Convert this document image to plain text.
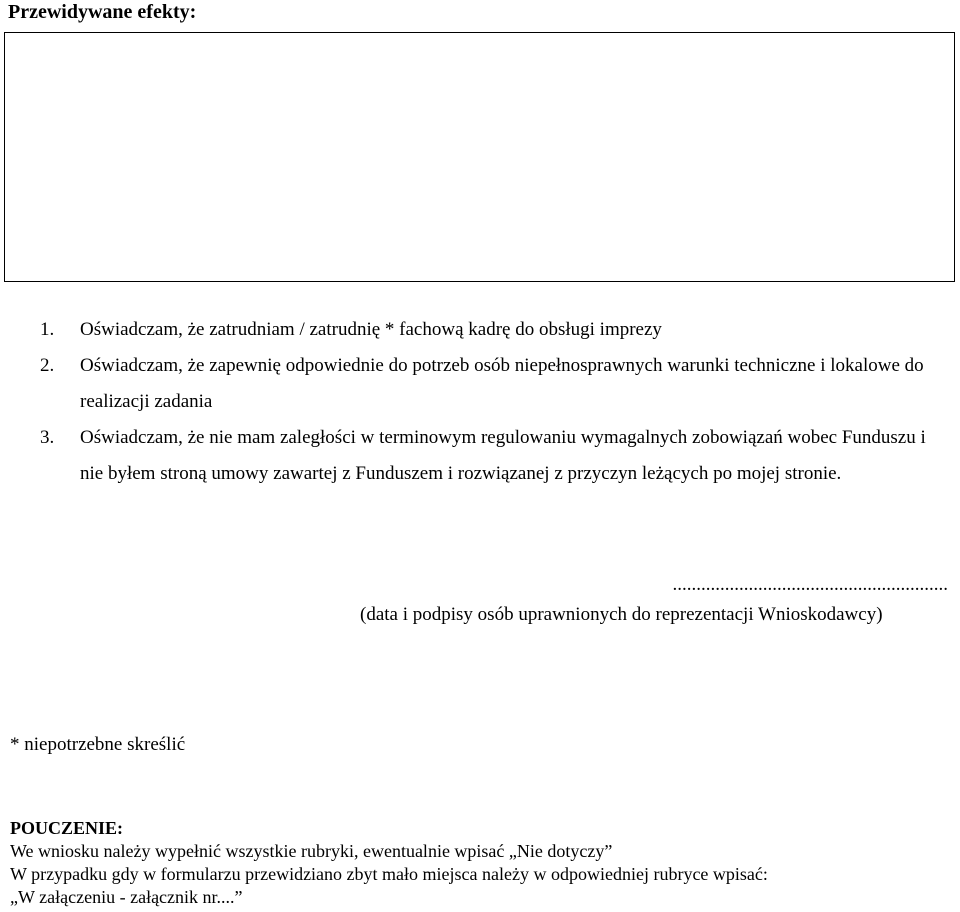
Przewidywane efekty:
1. Oświadczam, że zatrudniam / zatrudnię * fachową kadrę do obsługi imprezy
2. Oświadczam, że zapewnię odpowiednie do potrzeb osób niepełnosprawnych warunki techniczne i lokalowe do realizacji zadania
3. Oświadczam, że nie mam zaległości w terminowym regulowaniu wymagalnych zobowiązań wobec Funduszu i nie byłem stroną umowy zawartej z Funduszem i rozwiązanej z przyczyn leżących po mojej stronie.
..........................................................
(data i podpisy osób uprawnionych do reprezentacji Wnioskodawcy)
* niepotrzebne skreślić
POUCZENIE:
We wniosku należy wypełnić wszystkie rubryki, ewentualnie wpisać „Nie dotyczy”
W przypadku gdy w formularzu przewidziano zbyt mało miejsca należy w odpowiedniej rubryce wpisać:
„W załączeniu - załącznik nr....”
